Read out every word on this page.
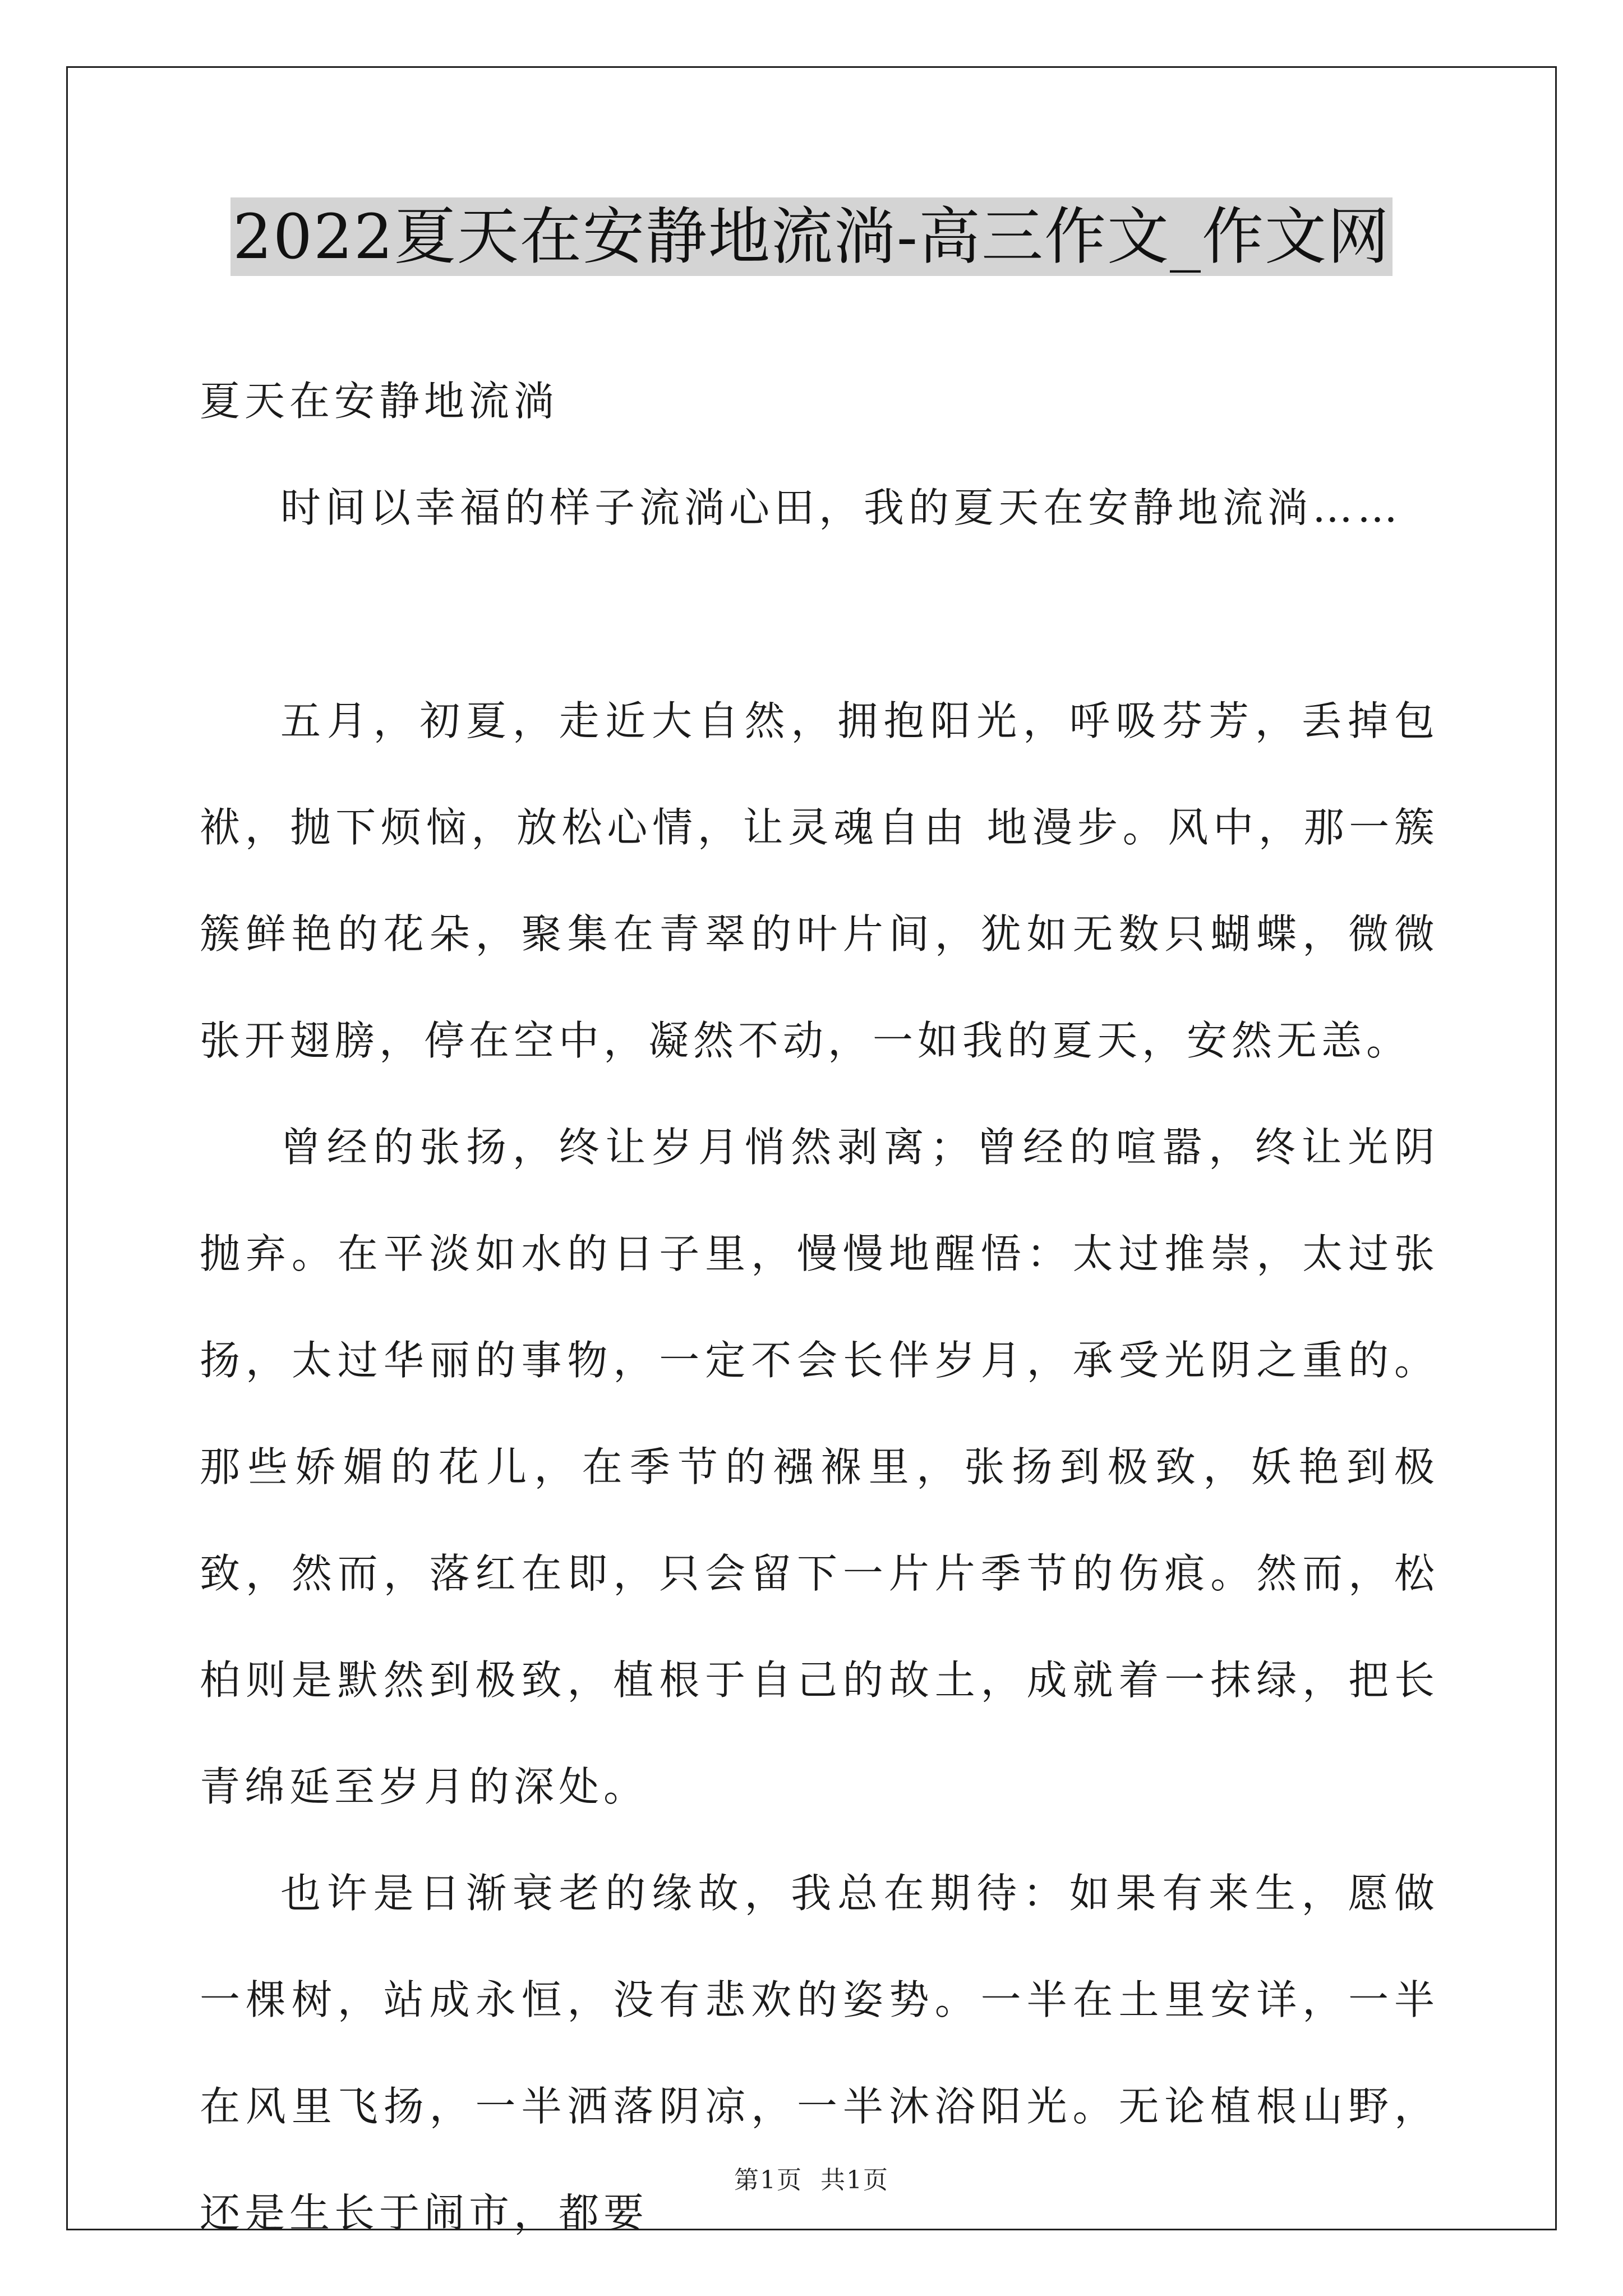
2022夏天在安静地流淌-高三作文_作文网

夏天在安静地流淌

时间以幸福的样子流淌心田，我的夏天在安静地流淌……

五月，初夏，走近大自然，拥抱阳光，呼吸芬芳，丢掉包袱，抛下烦恼，放松心情，让灵魂自由 地漫步。风中，那一簇簇鲜艳的花朵，聚集在青翠的叶片间，犹如无数只蝴蝶，微微张开翅膀，停在空中，凝然不动，一如我的夏天，安然无恙。

曾经的张扬，终让岁月悄然剥离；曾经的喧嚣，终让光阴抛弃。在平淡如水的日子里，慢慢地醒悟：太过推崇，太过张扬，太过华丽的事物，一定不会长伴岁月，承受光阴之重的。那些娇媚的花儿，在季节的襁褓里，张扬到极致，妖艳到极致，然而，落红在即，只会留下一片片季节的伤痕。然而，松柏则是默然到极致，植根于自己的故土，成就着一抹绿，把长青绵延至岁月的深处。

也许是日渐衰老的缘故，我总在期待：如果有来生，愿做一棵树，站成永恒，没有悲欢的姿势。一半在土里安详，一半在风里飞扬，一半洒落阴凉，一半沐浴阳光。无论植根山野，还是生长于闹市，都要

第1页 共1页
